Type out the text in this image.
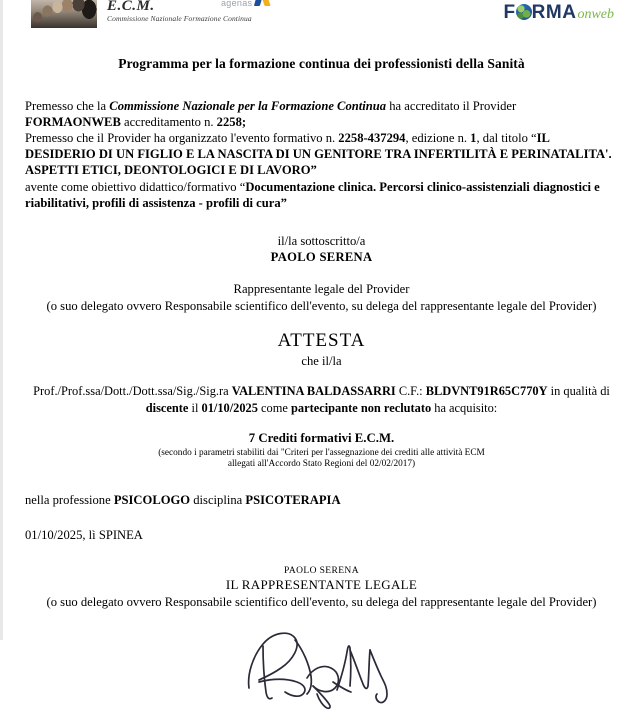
E.C.M.
Commissione Nazionale Formazione Continua
agenas	F RMA onweb
Programma per la formazione continua dei professionisti della Sanità
Premesso che la Commissione Nazionale per la Formazione Continua ha accreditato il Provider
FORMAONWEB accreditamento n. 2258;
Premesso che il Provider ha organizzato l'evento formativo n. 2258-437294, edizione n. 1, dal titolo “IL DESIDERIO DI UN FIGLIO E LA NASCITA DI UN GENITORE TRA INFERTILITÀ E PERINATALITA'. ASPETTI ETICI, DEONTOLOGICI E DI LAVORO”
avente come obiettivo didattico/formativo “Documentazione clinica. Percorsi clinico-assistenziali diagnostici e riabilitativi, profili di assistenza - profili di cura”
il/la sottoscritto/a
PAOLO SERENA
Rappresentante legale del Provider
(o suo delegato ovvero Responsabile scientifico dell'evento, su delega del rappresentante legale del Provider)
ATTESTA
che il/la
Prof./Prof.ssa/Dott./Dott.ssa/Sig./Sig.ra VALENTINA BALDASSARRI C.F.: BLDVNT91R65C770Y in qualità di
discente il 01/10/2025 come partecipante non reclutato ha acquisito:
7 Crediti formativi E.C.M.
(secondo i parametri stabiliti dai "Criteri per l'assegnazione dei crediti alle attività ECM
allegati all'Accordo Stato Regioni del 02/02/2017)
nella professione PSICOLOGO disciplina PSICOTERAPIA
01/10/2025, lì SPINEA
PAOLO SERENA
IL RAPPRESENTANTE LEGALE
(o suo delegato ovvero Responsabile scientifico dell'evento, su delega del rappresentante legale del Provider)
